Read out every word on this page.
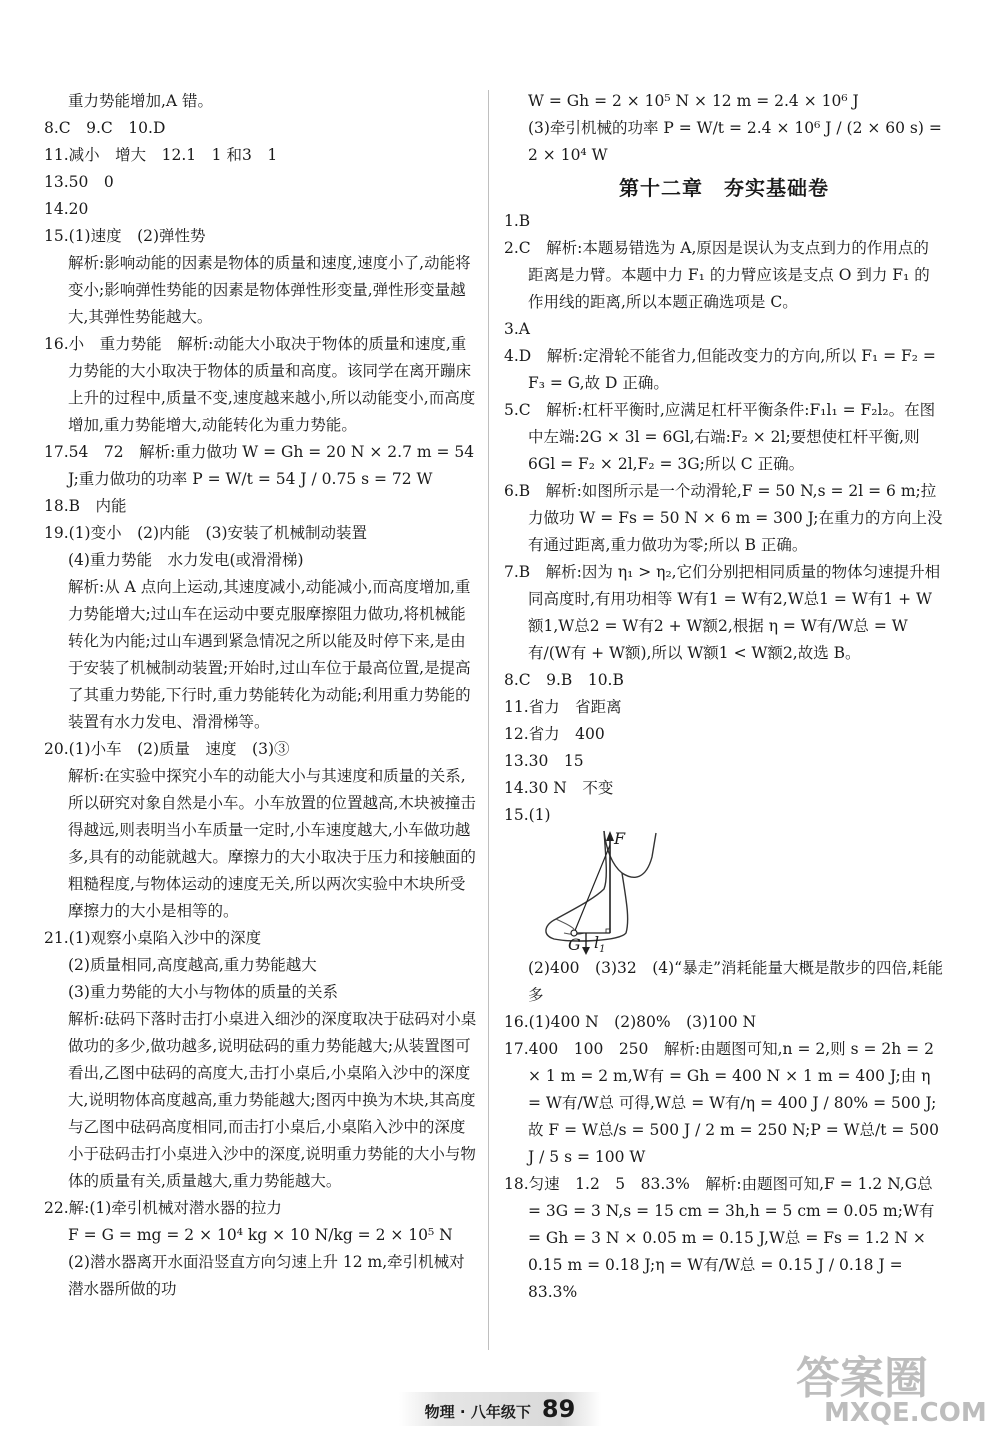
重力势能增加,A 错。

8.C　9.C　10.D

11.减小　增大　12.1　1 和3　1

13.50　0

14.20

15.(1)速度　(2)弹性势

解析:影响动能的因素是物体的质量和速度,速度小了,动能将变小;影响弹性势能的因素是物体弹性形变量,弹性形变量越大,其弹性势能越大。

16.小　重力势能　解析:动能大小取决于物体的质量和速度,重力势能的大小取决于物体的质量和高度。该同学在离开蹦床上升的过程中,质量不变,速度越来越小,所以动能变小,而高度增加,重力势能增大,动能转化为重力势能。

17.54　72　解析:重力做功 W = Gh = 20 N × 2.7 m = 54 J;重力做功的功率 P = W/t = 54 J / 0.75 s = 72 W

18.B　内能

19.(1)变小　(2)内能　(3)安装了机械制动装置

(4)重力势能　水力发电(或滑滑梯)

解析:从 A 点向上运动,其速度减小,动能减小,而高度增加,重力势能增大;过山车在运动中要克服摩擦阻力做功,将机械能转化为内能;过山车遇到紧急情况之所以能及时停下来,是由于安装了机械制动装置;开始时,过山车位于最高位置,是提高了其重力势能,下行时,重力势能转化为动能;利用重力势能的装置有水力发电、滑滑梯等。

20.(1)小车　(2)质量　速度　(3)③

解析:在实验中探究小车的动能大小与其速度和质量的关系,所以研究对象自然是小车。小车放置的位置越高,木块被撞击得越远,则表明当小车质量一定时,小车速度越大,小车做功越多,具有的动能就越大。摩擦力的大小取决于压力和接触面的粗糙程度,与物体运动的速度无关,所以两次实验中木块所受摩擦力的大小是相等的。

21.(1)观察小桌陷入沙中的深度

(2)质量相同,高度越高,重力势能越大

(3)重力势能的大小与物体的质量的关系

解析:砝码下落时击打小桌进入细沙的深度取决于砝码对小桌做功的多少,做功越多,说明砝码的重力势能越大;从装置图可看出,乙图中砝码的高度大,击打小桌后,小桌陷入沙中的深度大,说明物体高度越高,重力势能越大;图丙中换为木块,其高度与乙图中砝码高度相同,而击打小桌后,小桌陷入沙中的深度小于砝码击打小桌进入沙中的深度,说明重力势能的大小与物体的质量有关,质量越大,重力势能越大。

22.解:(1)牵引机械对潜水器的拉力

F = G = mg = 2 × 10⁴ kg × 10 N/kg = 2 × 10⁵ N

(2)潜水器离开水面沿竖直方向匀速上升 12 m,牵引机械对潜水器所做的功

W = Gh = 2 × 10⁵ N × 12 m = 2.4 × 10⁶ J

(3)牵引机械的功率 P = W/t = 2.4 × 10⁶ J / (2 × 60 s) = 2 × 10⁴ W

第十二章　夯实基础卷

1.B

2.C　解析:本题易错选为 A,原因是误认为支点到力的作用点的距离是力臂。本题中力 F₁ 的力臂应该是支点 O 到力 F₁ 的作用线的距离,所以本题正确选项是 C。

3.A

4.D　解析:定滑轮不能省力,但能改变力的方向,所以 F₁ = F₂ = F₃ = G,故 D 正确。

5.C　解析:杠杆平衡时,应满足杠杆平衡条件:F₁l₁ = F₂l₂。在图中左端:2G × 3l = 6Gl,右端:F₂ × 2l;要想使杠杆平衡,则 6Gl = F₂ × 2l,F₂ = 3G;所以 C 正确。

6.B　解析:如图所示是一个动滑轮,F = 50 N,s = 2l = 6 m;拉力做功 W = Fs = 50 N × 6 m = 300 J;在重力的方向上没有通过距离,重力做功为零;所以 B 正确。

7.B　解析:因为 η₁ > η₂,它们分别把相同质量的物体匀速提升相同高度时,有用功相等 W有1 = W有2,W总1 = W有1 + W额1,W总2 = W有2 + W额2,根据 η = W有/W总 = W有/(W有 + W额),所以 W额1 < W额2,故选 B。

8.C　9.B　10.B

11.省力　省距离

12.省力　400

13.30　15

14.30 N　不变

15.(1)

F
G $l_1$

(2)400　(3)32　(4)“暴走”消耗能量大概是散步的四倍,耗能多

16.(1)400 N　(2)80%　(3)100 N

17.400　100　250　解析:由题图可知,n = 2,则 s = 2h = 2 × 1 m = 2 m,W有 = Gh = 400 N × 1 m = 400 J;由 η = W有/W总 可得,W总 = W有/η = 400 J / 80% = 500 J;故 F = W总/s = 500 J / 2 m = 250 N;P = W总/t = 500 J / 5 s = 100 W

18.匀速　1.2　5　83.3%　解析:由题图可知,F = 1.2 N,G总 = 3G = 3 N,s = 15 cm = 3h,h = 5 cm = 0.05 m;W有 = Gh = 3 N × 0.05 m = 0.15 J,W总 = Fs = 1.2 N × 0.15 m = 0.18 J;η = W有/W总 = 0.15 J / 0.18 J = 83.3%

物理 · 八年级下 89
答案圈
MXQE.COM
